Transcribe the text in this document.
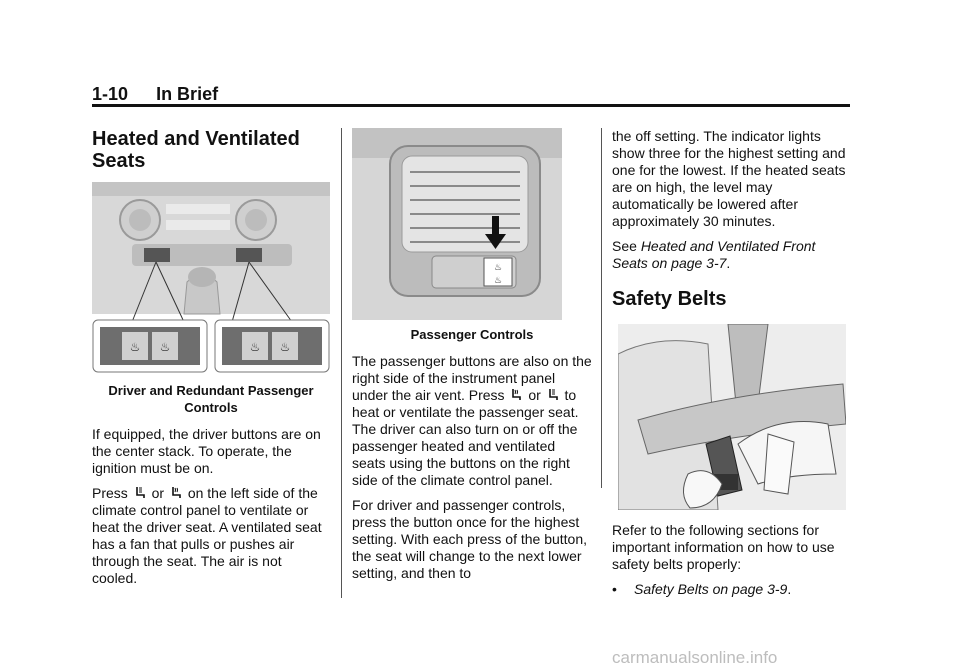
1-10 In Brief
Heated and Ventilated Seats
♨ ♨	♨ ♨
Driver and Redundant Passenger Controls

If equipped, the driver buttons are on the center stack. To operate, the ignition must be on.

Press or on the left side of the climate control panel to ventilate or heat the driver seat. A ventilated seat has a fan that pulls or pushes air through the seat. The air is not cooled.

♨
♨
Passenger Controls

The passenger buttons are also on the right side of the instrument panel under the air vent. Press or to heat or ventilate the passenger seat. The driver can also turn on or off the passenger heated and ventilated seats using the buttons on the right side of the climate control panel.

For driver and passenger controls, press the button once for the highest setting. With each press of the button, the seat will change to the next lower setting, and then to

the off setting. The indicator lights show three for the highest setting and one for the lowest. If the heated seats are on high, the level may automatically be lowered after approximately 30 minutes.

See Heated and Ventilated Front Seats on page 3-7.

Safety Belts

Refer to the following sections for important information on how to use safety belts properly:

•	Safety Belts on page 3-9.
carmanualsonline.info
